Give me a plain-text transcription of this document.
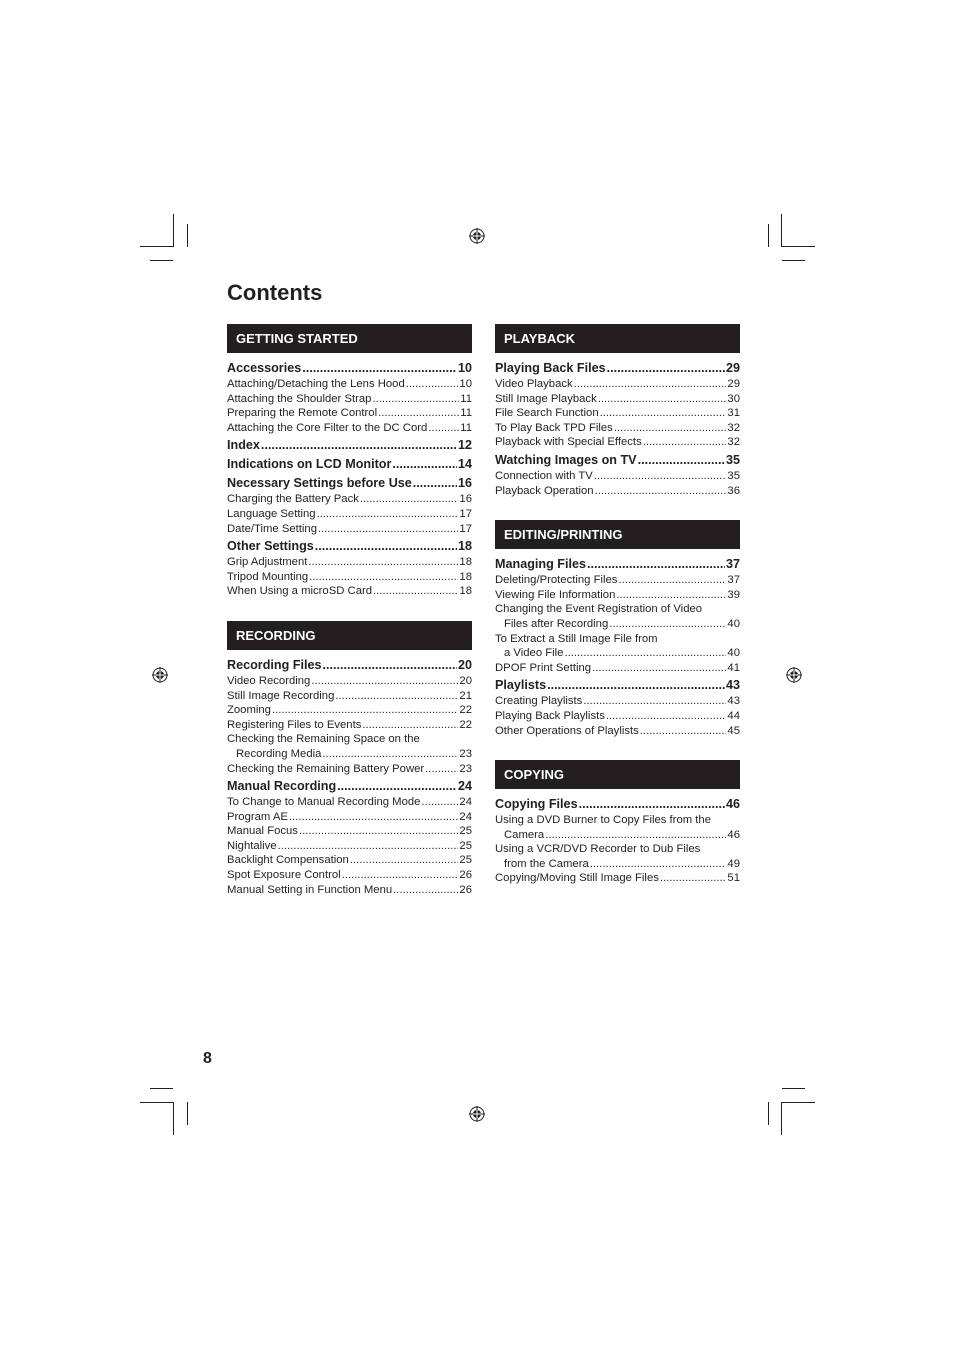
Contents
GETTING STARTED
Accessories .....	10
Attaching/Detaching the Lens Hood .....	10
Attaching the Shoulder Strap .....	11
Preparing the Remote Control .....	11
Attaching the Core Filter to the DC Cord .....	11
Index .....	12
Indications on LCD Monitor .....	14
Necessary Settings before Use .....	16
Charging the Battery Pack .....	16
Language Setting .....	17
Date/Time Setting .....	17
Other Settings .....	18
Grip Adjustment .....	18
Tripod Mounting .....	18
When Using a microSD Card .....	18
RECORDING
Recording Files .....	20
Video Recording .....	20
Still Image Recording .....	21
Zooming .....	22
Registering Files to Events .....	22
Checking the Remaining Space on the
Recording Media .....	23
Checking the Remaining Battery Power .....	23
Manual Recording .....	24
To Change to Manual Recording Mode .....	24
Program AE .....	24
Manual Focus .....	25
Nightalive .....	25
Backlight Compensation .....	25
Spot Exposure Control .....	26
Manual Setting in Function Menu .....	26
PLAYBACK
Playing Back Files .....	29
Video Playback .....	29
Still Image Playback .....	30
File Search Function .....	31
To Play Back TPD Files .....	32
Playback with Special Effects .....	32
Watching Images on TV .....	35
Connection with TV .....	35
Playback Operation .....	36
EDITING/PRINTING
Managing Files .....	37
Deleting/Protecting Files .....	37
Viewing File Information .....	39
Changing the Event Registration of Video
Files after Recording .....	40
To Extract a Still Image File from
a Video File .....	40
DPOF Print Setting .....	41
Playlists .....	43
Creating Playlists .....	43
Playing Back Playlists .....	44
Other Operations of Playlists .....	45
COPYING
Copying Files .....	46
Using a DVD Burner to Copy Files from the
Camera .....	46
Using a VCR/DVD Recorder to Dub Files
from the Camera .....	49
Copying/Moving Still Image Files .....	51
8
